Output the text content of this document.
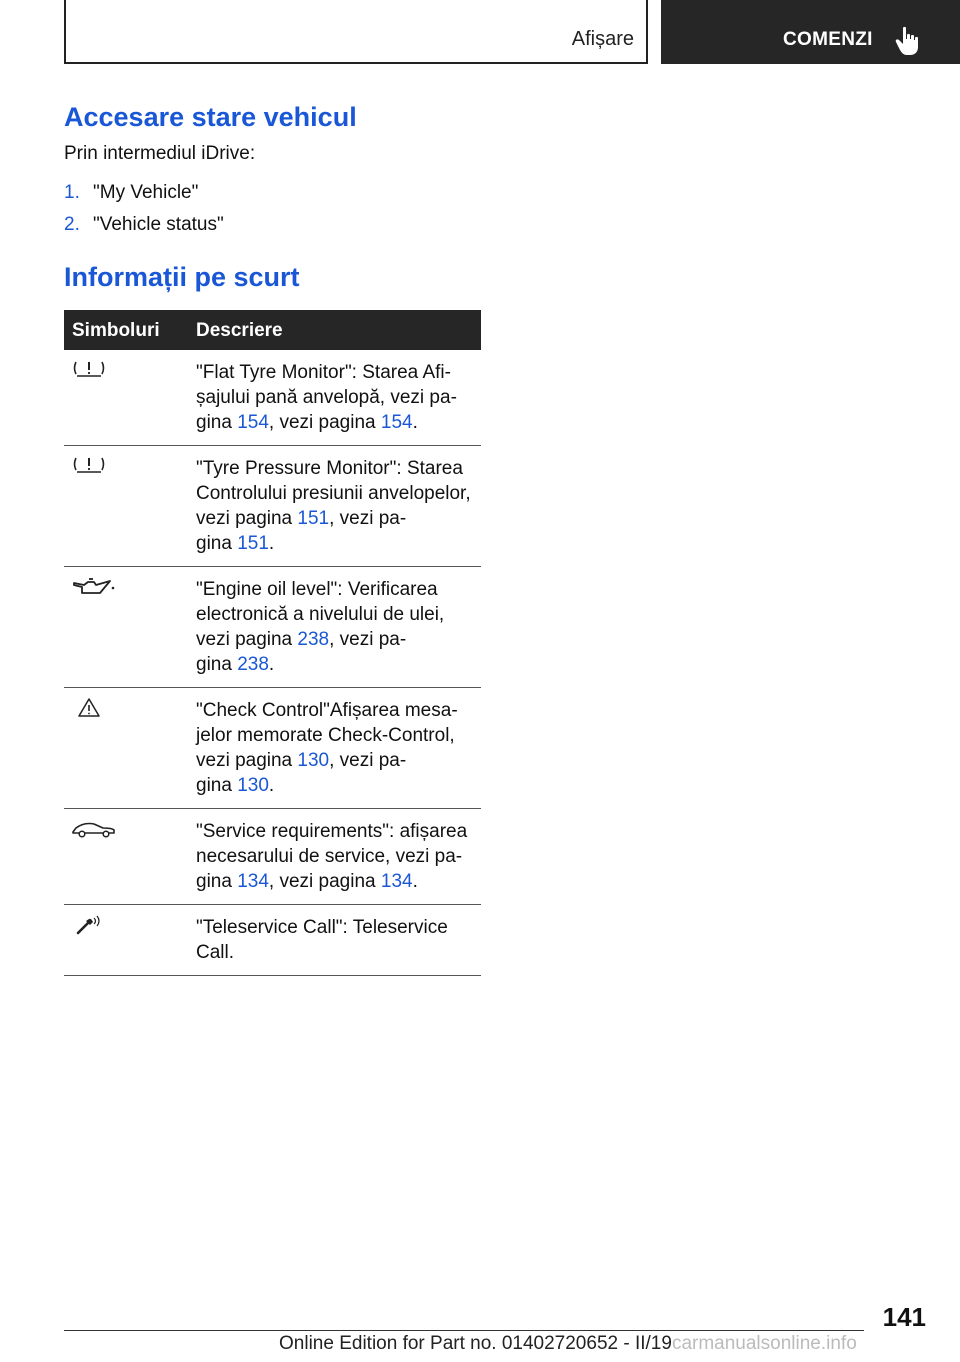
Afișare	COMENZI
Accesare stare vehicul
Prin intermediul iDrive:
1. "My Vehicle"
2. "Vehicle status"
Informații pe scurt
Simboluri Descriere
"Flat Tyre Monitor": Starea Afi-
șajului pană anvelopă, vezi pa-
gina 154, vezi pagina 154.
"Tyre Pressure Monitor": Starea
Controlului presiunii anvelopelor,
vezi pagina 151, vezi pa-
gina 151.
"Engine oil level": Verificarea
electronică a nivelului de ulei,
vezi pagina 238, vezi pa-
gina 238.
"Check Control"Afișarea mesa-
jelor memorate Check-Control,
vezi pagina 130, vezi pa-
gina 130.
"Service requirements": afișarea
necesarului de service, vezi pa-
gina 134, vezi pagina 134.
"Teleservice Call": Teleservice
Call.
141
Online Edition for Part no. 01402720652 - II/19carmanualsonline.info
